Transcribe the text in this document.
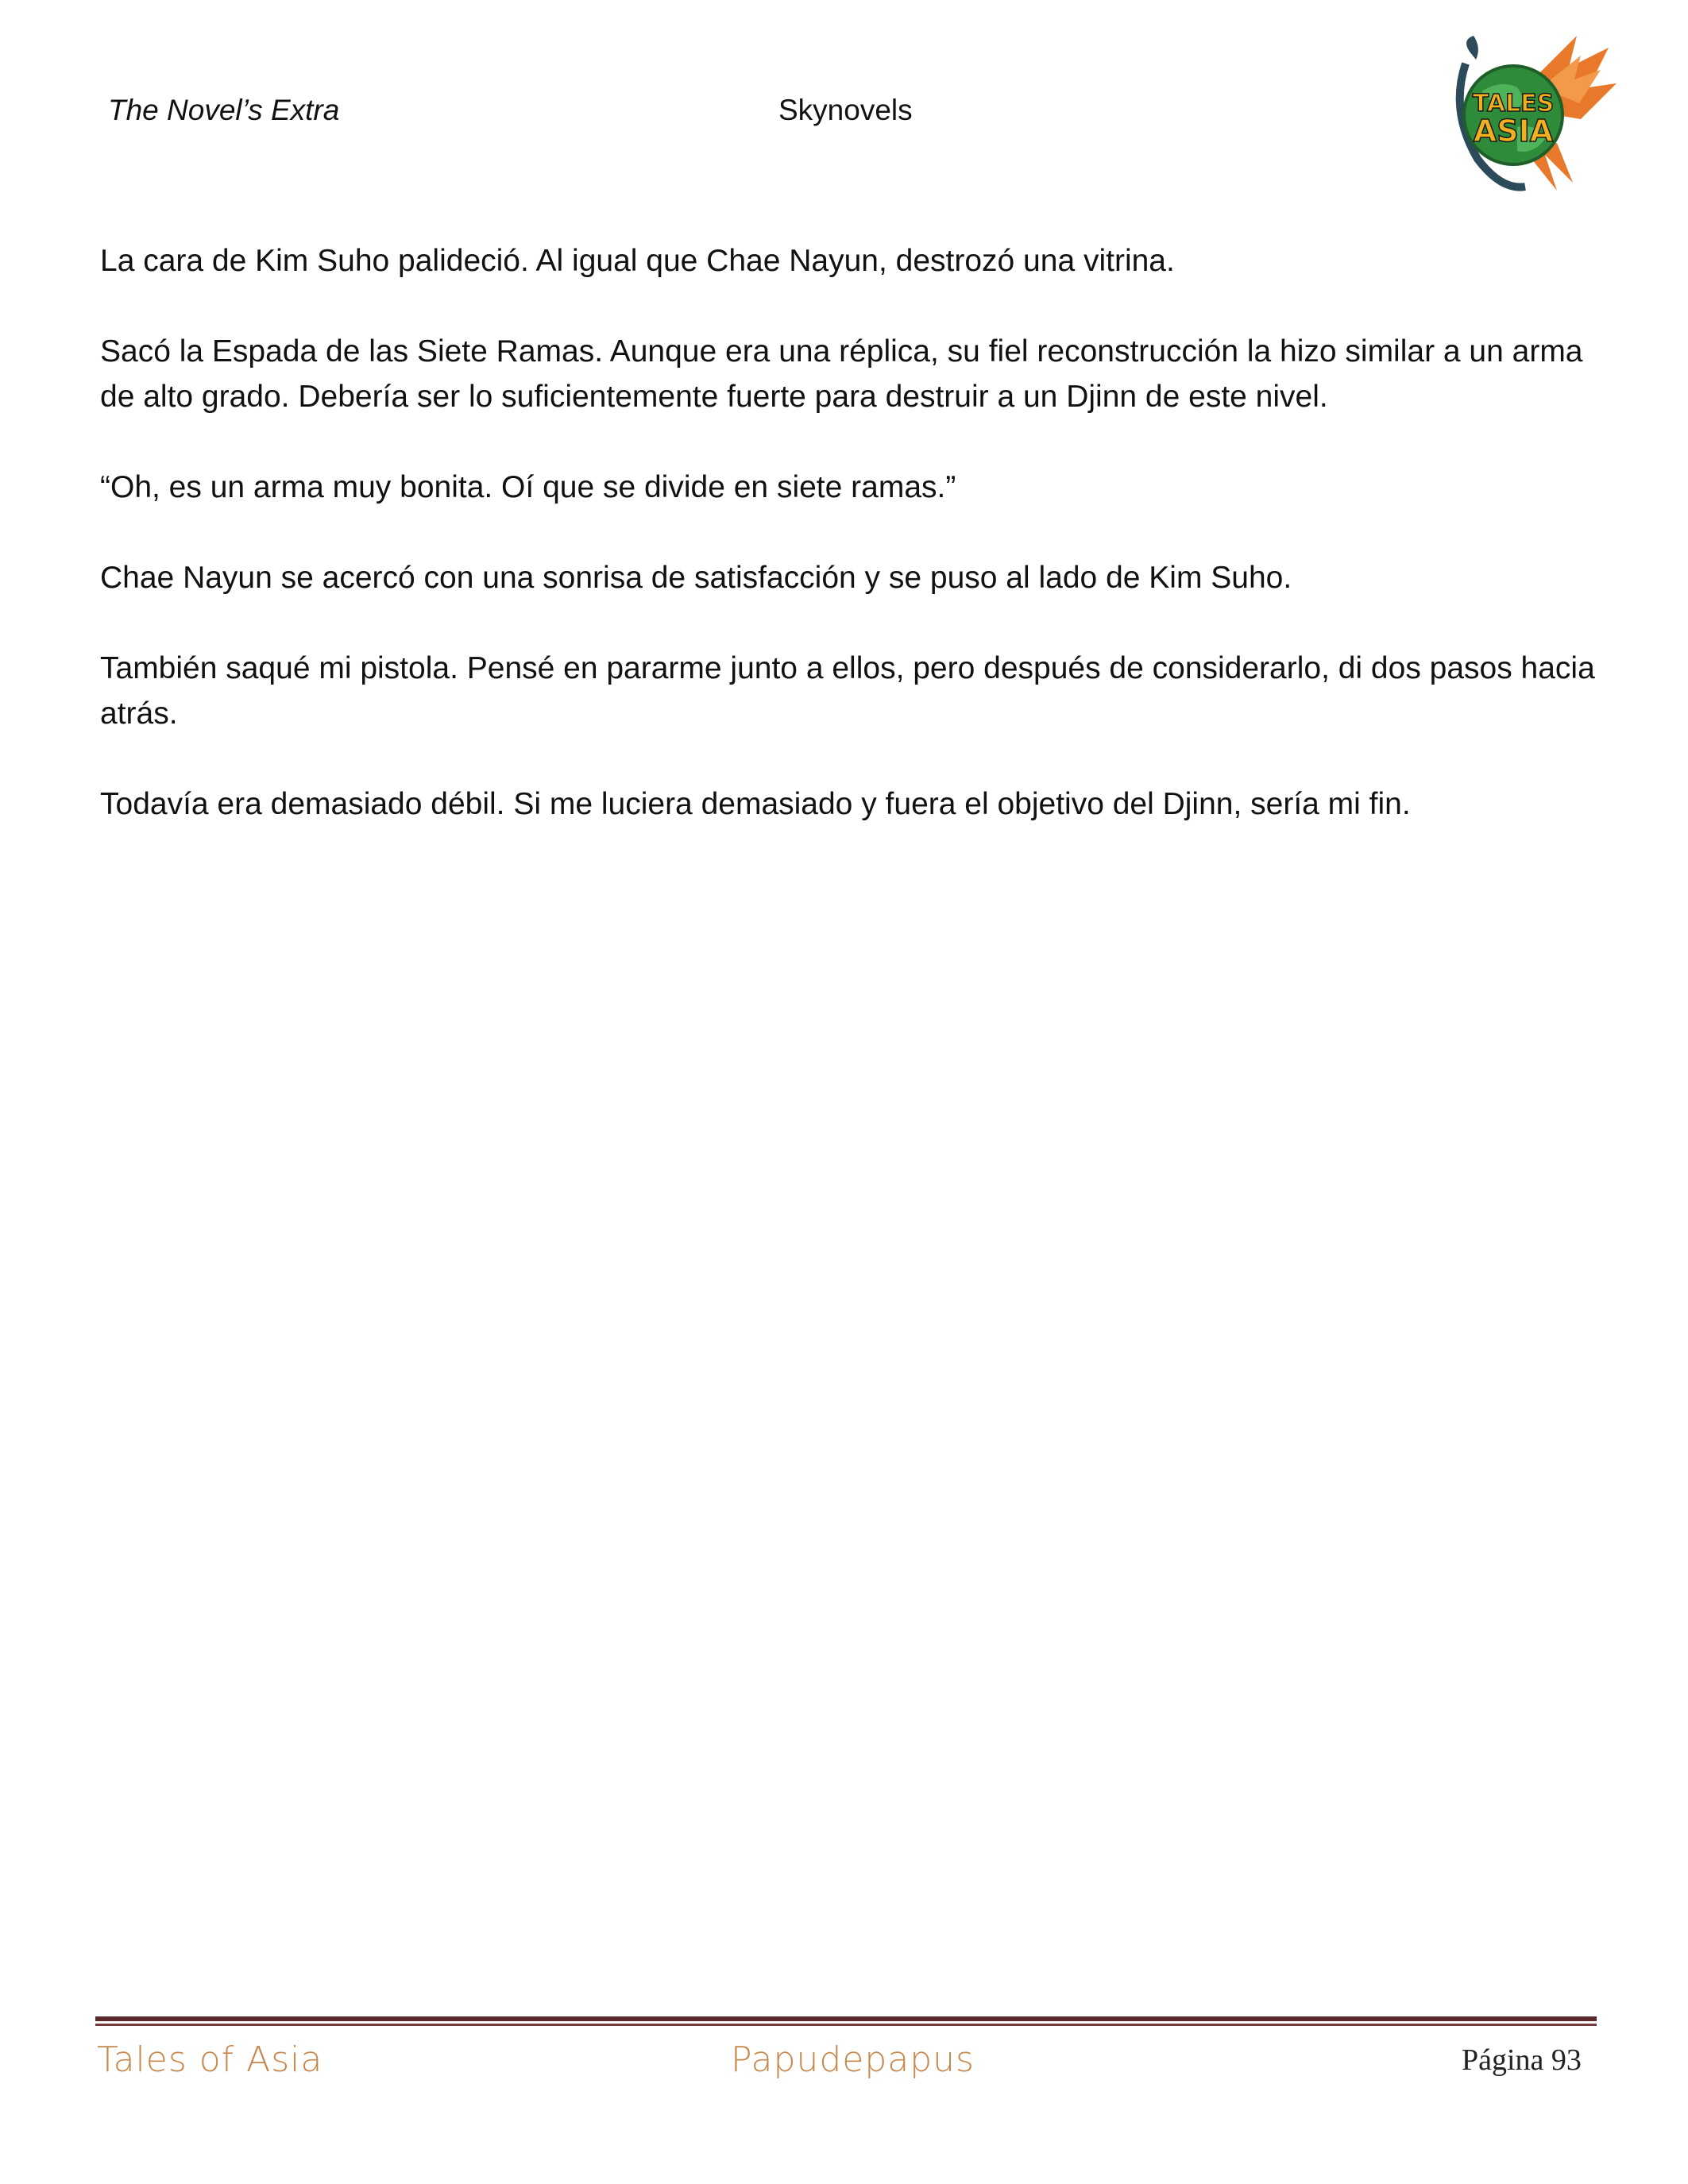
The Novel’s Extra	Skynovels	TALES
ASIA

La cara de Kim Suho palideció. Al igual que Chae Nayun, destrozó una vitrina.

Sacó la Espada de las Siete Ramas. Aunque era una réplica, su fiel reconstrucción la hizo similar a un arma de alto grado. Debería ser lo suficientemente fuerte para destruir a un Djinn de este nivel.

“Oh, es un arma muy bonita. Oí que se divide en siete ramas.”

Chae Nayun se acercó con una sonrisa de satisfacción y se puso al lado de Kim Suho.

También saqué mi pistola. Pensé en pararme junto a ellos, pero después de considerarlo, di dos pasos hacia atrás.

Todavía era demasiado débil. Si me luciera demasiado y fuera el objetivo del Djinn, sería mi fin.

Tales of Asia	Papudepapus	Página 93
